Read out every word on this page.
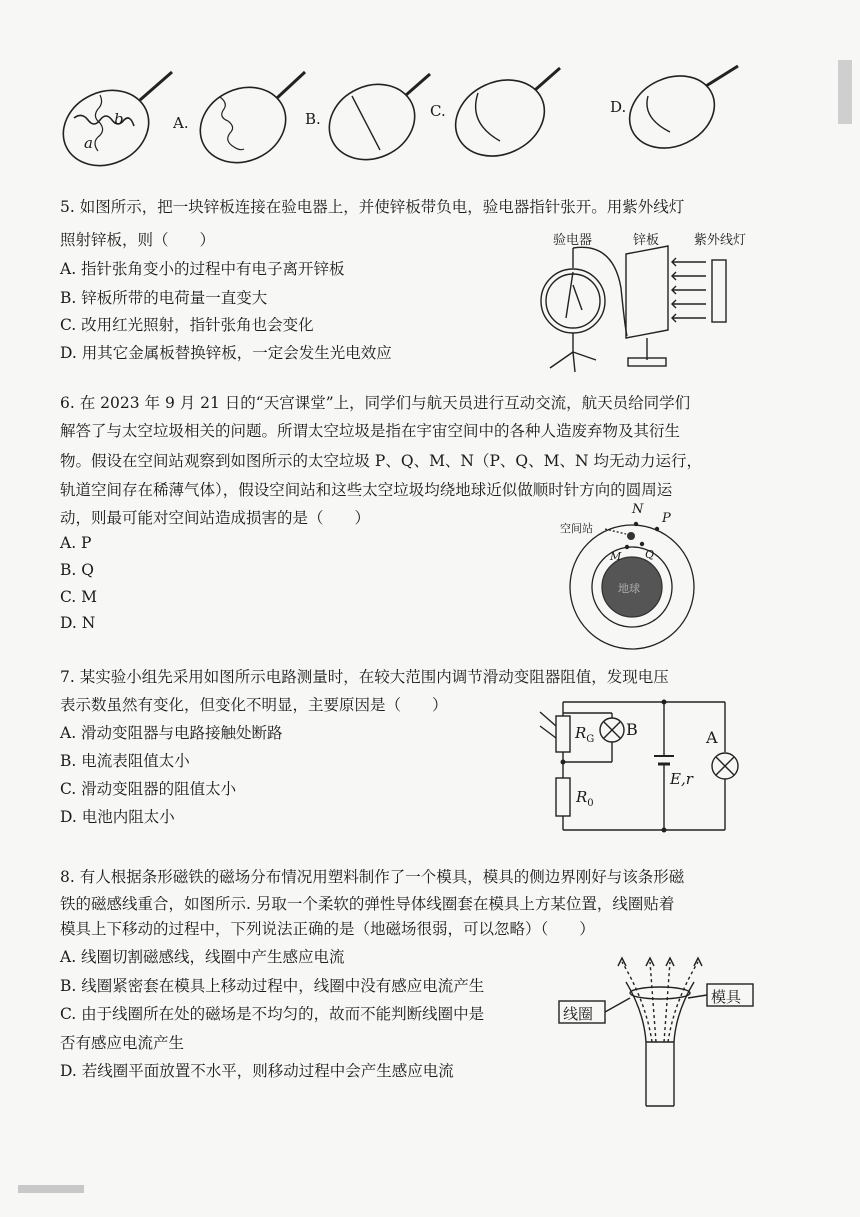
a
b	A.	B.	C.	D.
5. 如图所示，把一块锌板连接在验电器上，并使锌板带负电，验电器指针张开。用紫外线灯
照射锌板，则（　　）
A. 指针张角变小的过程中有电子离开锌板
B. 锌板所带的电荷量一直变大
C. 改用红光照射，指针张角也会变化
D. 用其它金属板替换锌板，一定会发生光电效应
验电器	锌板	紫外线灯
6. 在 2023 年 9 月 21 日的“天宫课堂”上，同学们与航天员进行互动交流，航天员给同学们
解答了与太空垃圾相关的问题。所谓太空垃圾是指在宇宙空间中的各种人造废弃物及其衍生
物。假设在空间站观察到如图所示的太空垃圾 P、Q、M、N（P、Q、M、N 均无动力运行，
轨道空间存在稀薄气体），假设空间站和这些太空垃圾均绕地球近似做顺时针方向的圆周运
动，则最可能对空间站造成损害的是（　　）
A. P
B. Q
C. M
D. N
空间站
N
P
M Q
地球
7. 某实验小组先采用如图所示电路测量时，在较大范围内调节滑动变阻器阻值，发现电压
表示数虽然有变化，但变化不明显，主要原因是（　　）
A. 滑动变阻器与电路接触处断路
B. 电流表阻值太小
C. 滑动变阻器的阻值太小
D. 电池内阻太小
$R_G$
B	A
E,r
$R_0$
8. 有人根据条形磁铁的磁场分布情况用塑料制作了一个模具，模具的侧边界刚好与该条形磁
铁的磁感线重合，如图所示. 另取一个柔软的弹性导体线圈套在模具上方某位置，线圈贴着
模具上下移动的过程中，下列说法正确的是（地磁场很弱，可以忽略）（　　）
A. 线圈切割磁感线，线圈中产生感应电流
B. 线圈紧密套在模具上移动过程中，线圈中没有感应电流产生
C. 由于线圈所在处的磁场是不均匀的，故而不能判断线圈中是
否有感应电流产生
D. 若线圈平面放置不水平，则移动过程中会产生感应电流
线圈
模具
